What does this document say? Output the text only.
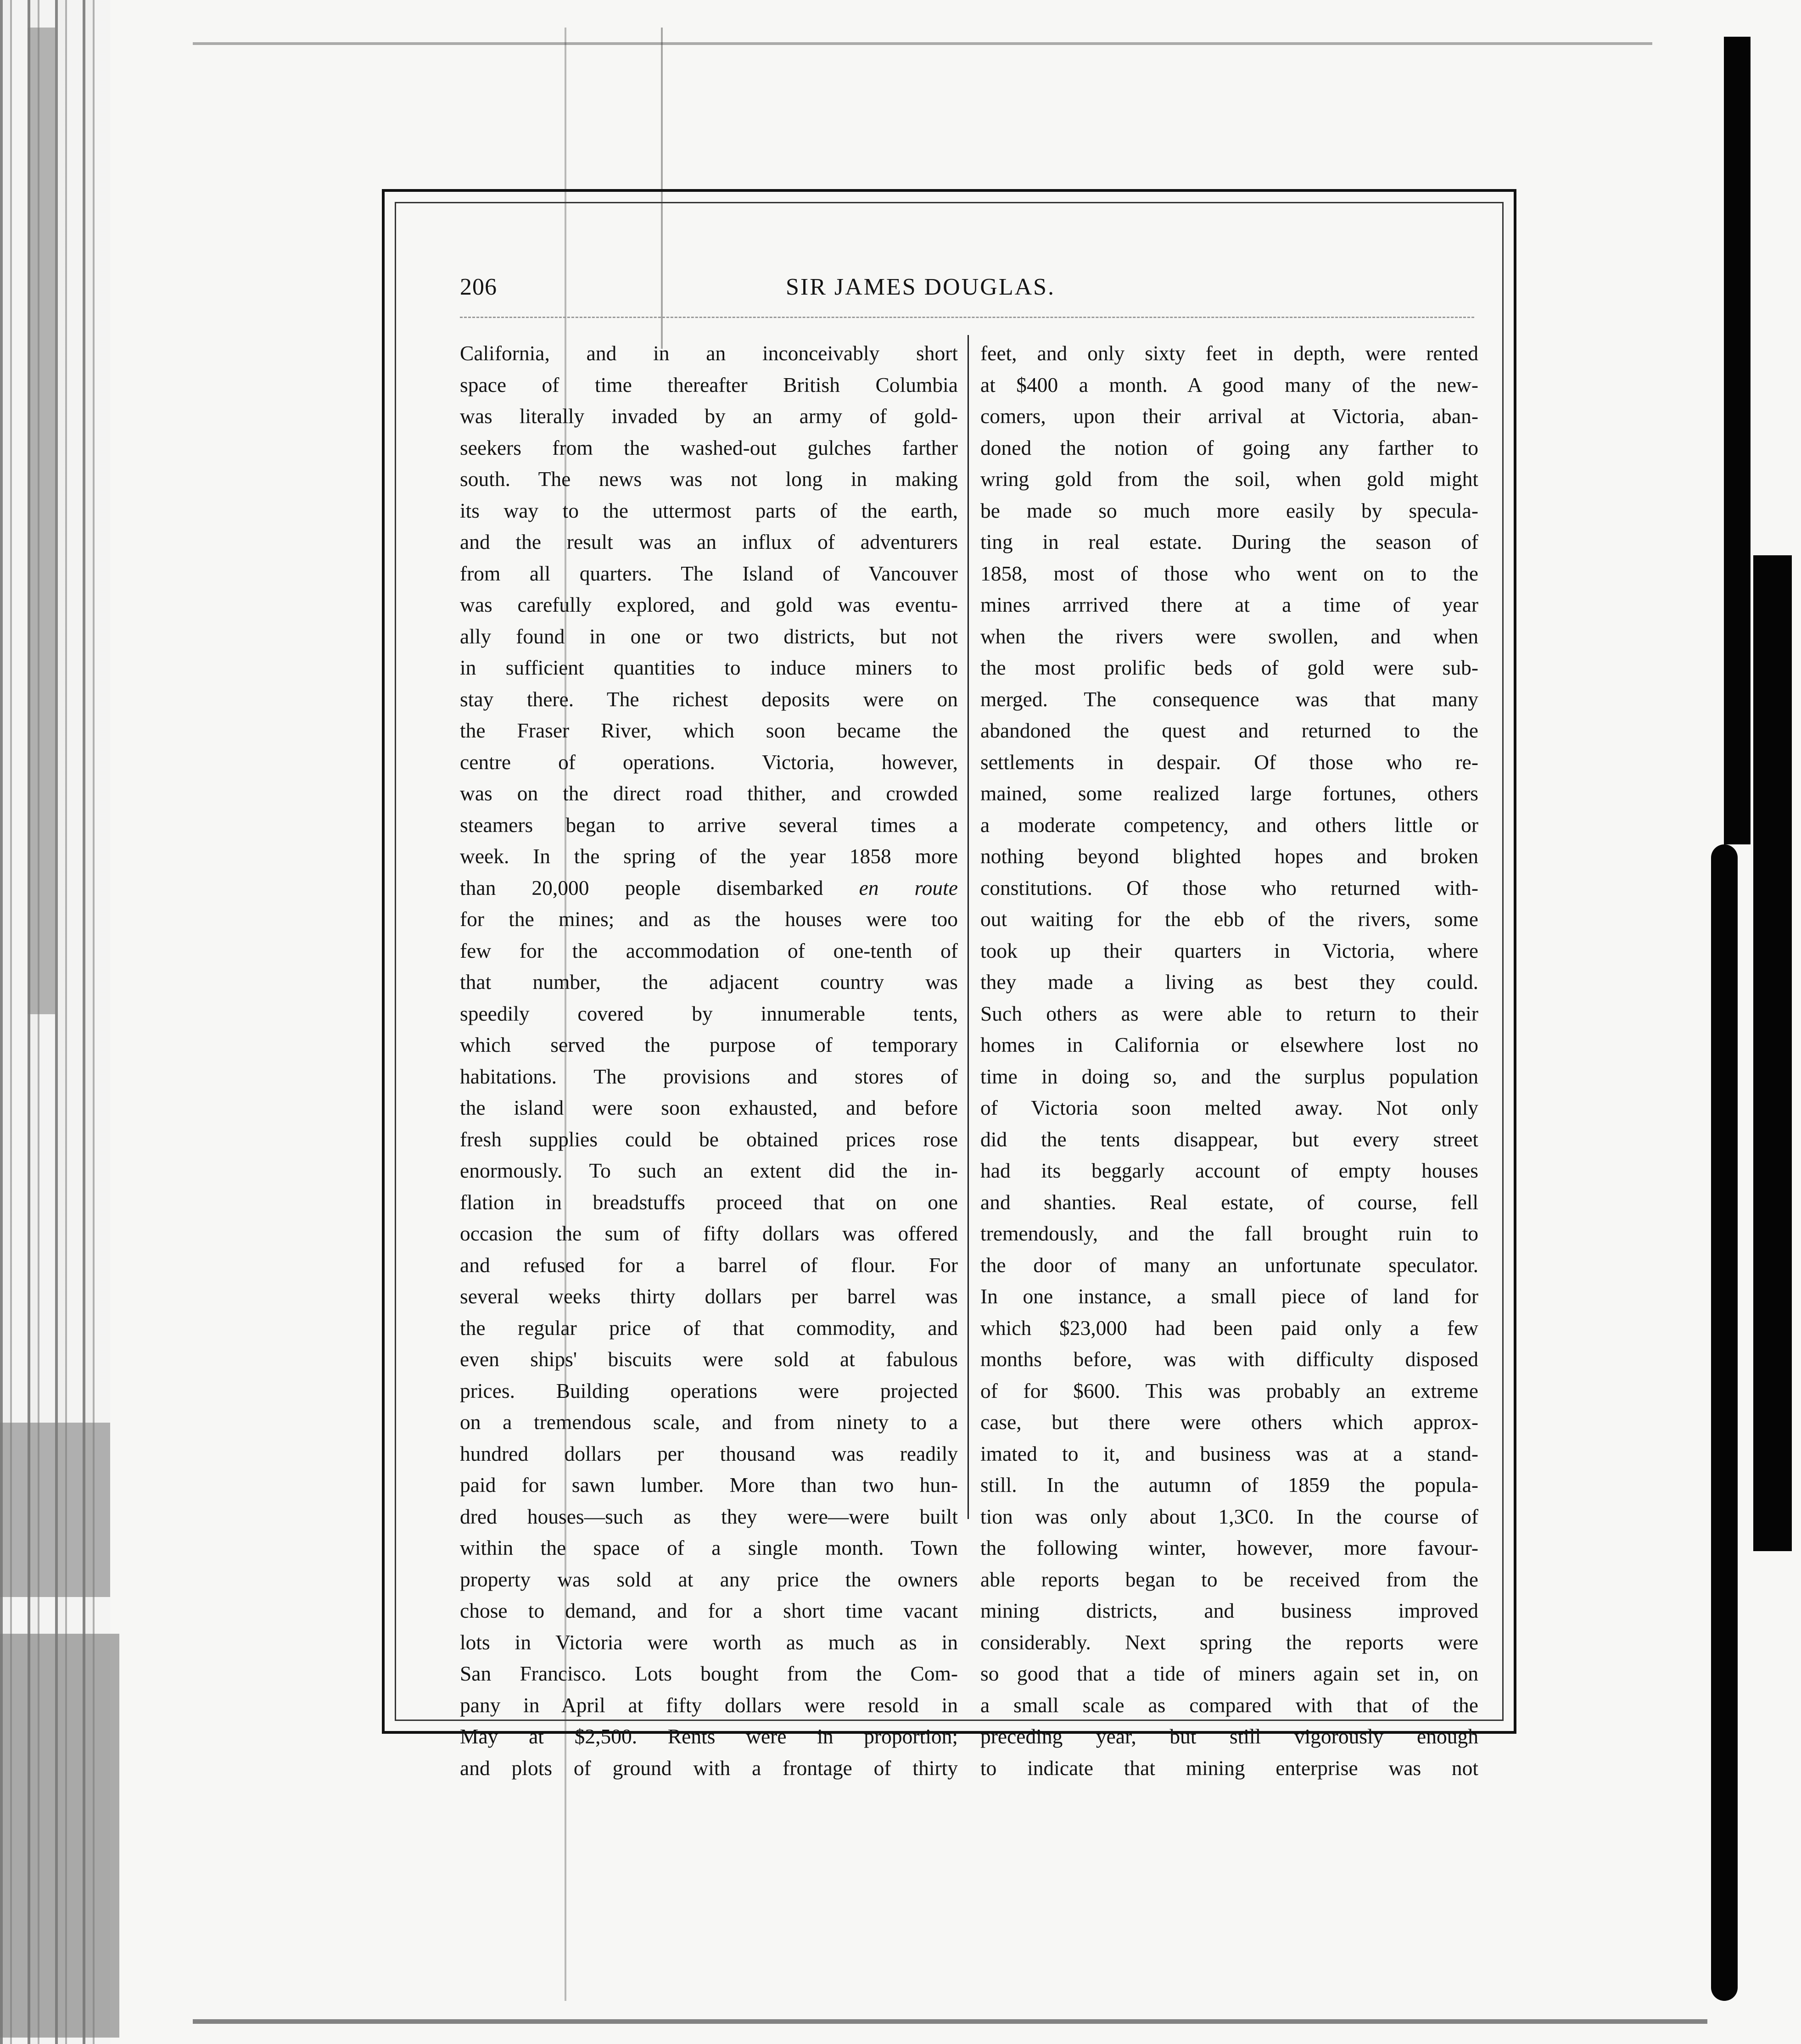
206	SIR JAMES DOUGLAS.
California, and in an inconceivably short
space of time thereafter British Columbia
was literally invaded by an army of gold-
seekers from the washed-out gulches farther
south. The news was not long in making
its way to the uttermost parts of the earth,
and the result was an influx of adventurers
from all quarters. The Island of Vancouver
was carefully explored, and gold was eventu-
ally found in one or two districts, but not
in sufficient quantities to induce miners to
stay there. The richest deposits were on
the Fraser River, which soon became the
centre of operations. Victoria, however,
was on the direct road thither, and crowded
steamers began to arrive several times a
week. In the spring of the year 1858 more
than 20,000 people disembarked en route
for the mines; and as the houses were too
few for the accommodation of one-tenth of
that number, the adjacent country was
speedily covered by innumerable tents,
which served the purpose of temporary
habitations. The provisions and stores of
the island were soon exhausted, and before
fresh supplies could be obtained prices rose
enormously. To such an extent did the in-
flation in breadstuffs proceed that on one
occasion the sum of fifty dollars was offered
and refused for a barrel of flour. For
several weeks thirty dollars per barrel was
the regular price of that commodity, and
even ships' biscuits were sold at fabulous
prices. Building operations were projected
on a tremendous scale, and from ninety to a
hundred dollars per thousand was readily
paid for sawn lumber. More than two hun-
dred houses—such as they were—were built
within the space of a single month. Town
property was sold at any price the owners
chose to demand, and for a short time vacant
lots in Victoria were worth as much as in
San Francisco. Lots bought from the Com-
pany in April at fifty dollars were resold in
May at $2,500. Rents were in proportion;
and plots of ground with a frontage of thirty
feet, and only sixty feet in depth, were rented
at $400 a month. A good many of the new-
comers, upon their arrival at Victoria, aban-
doned the notion of going any farther to
wring gold from the soil, when gold might
be made so much more easily by specula-
ting in real estate. During the season of
1858, most of those who went on to the
mines arrrived there at a time of year
when the rivers were swollen, and when
the most prolific beds of gold were sub-
merged. The consequence was that many
abandoned the quest and returned to the
settlements in despair. Of those who re-
mained, some realized large fortunes, others
a moderate competency, and others little or
nothing beyond blighted hopes and broken
constitutions. Of those who returned with-
out waiting for the ebb of the rivers, some
took up their quarters in Victoria, where
they made a living as best they could.
Such others as were able to return to their
homes in California or elsewhere lost no
time in doing so, and the surplus population
of Victoria soon melted away. Not only
did the tents disappear, but every street
had its beggarly account of empty houses
and shanties. Real estate, of course, fell
tremendously, and the fall brought ruin to
the door of many an unfortunate speculator.
In one instance, a small piece of land for
which $23,000 had been paid only a few
months before, was with difficulty disposed
of for $600. This was probably an extreme
case, but there were others which approx-
imated to it, and business was at a stand-
still. In the autumn of 1859 the popula-
tion was only about 1,3C0. In the course of
the following winter, however, more favour-
able reports began to be received from the
mining districts, and business improved
considerably. Next spring the reports were
so good that a tide of miners again set in, on
a small scale as compared with that of the
preceding year, but still vigorously enough
to indicate that mining enterprise was not
